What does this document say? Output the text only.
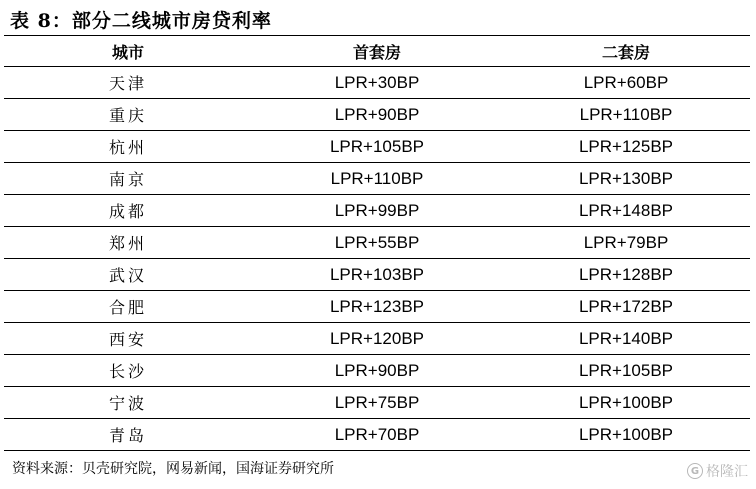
表 8：部分二线城市房贷利率
城市	首套房	二套房
天津	LPR+30BP	LPR+60BP
重庆	LPR+90BP	LPR+110BP
杭州	LPR+105BP	LPR+125BP
南京	LPR+110BP	LPR+130BP
成都	LPR+99BP	LPR+148BP
郑州	LPR+55BP	LPR+79BP
武汉	LPR+103BP	LPR+128BP
合肥	LPR+123BP	LPR+172BP
西安	LPR+120BP	LPR+140BP
长沙	LPR+90BP	LPR+105BP
宁波	LPR+75BP	LPR+100BP
青岛	LPR+70BP	LPR+100BP
资料来源：贝壳研究院，网易新闻，国海证券研究所	G 格隆汇
